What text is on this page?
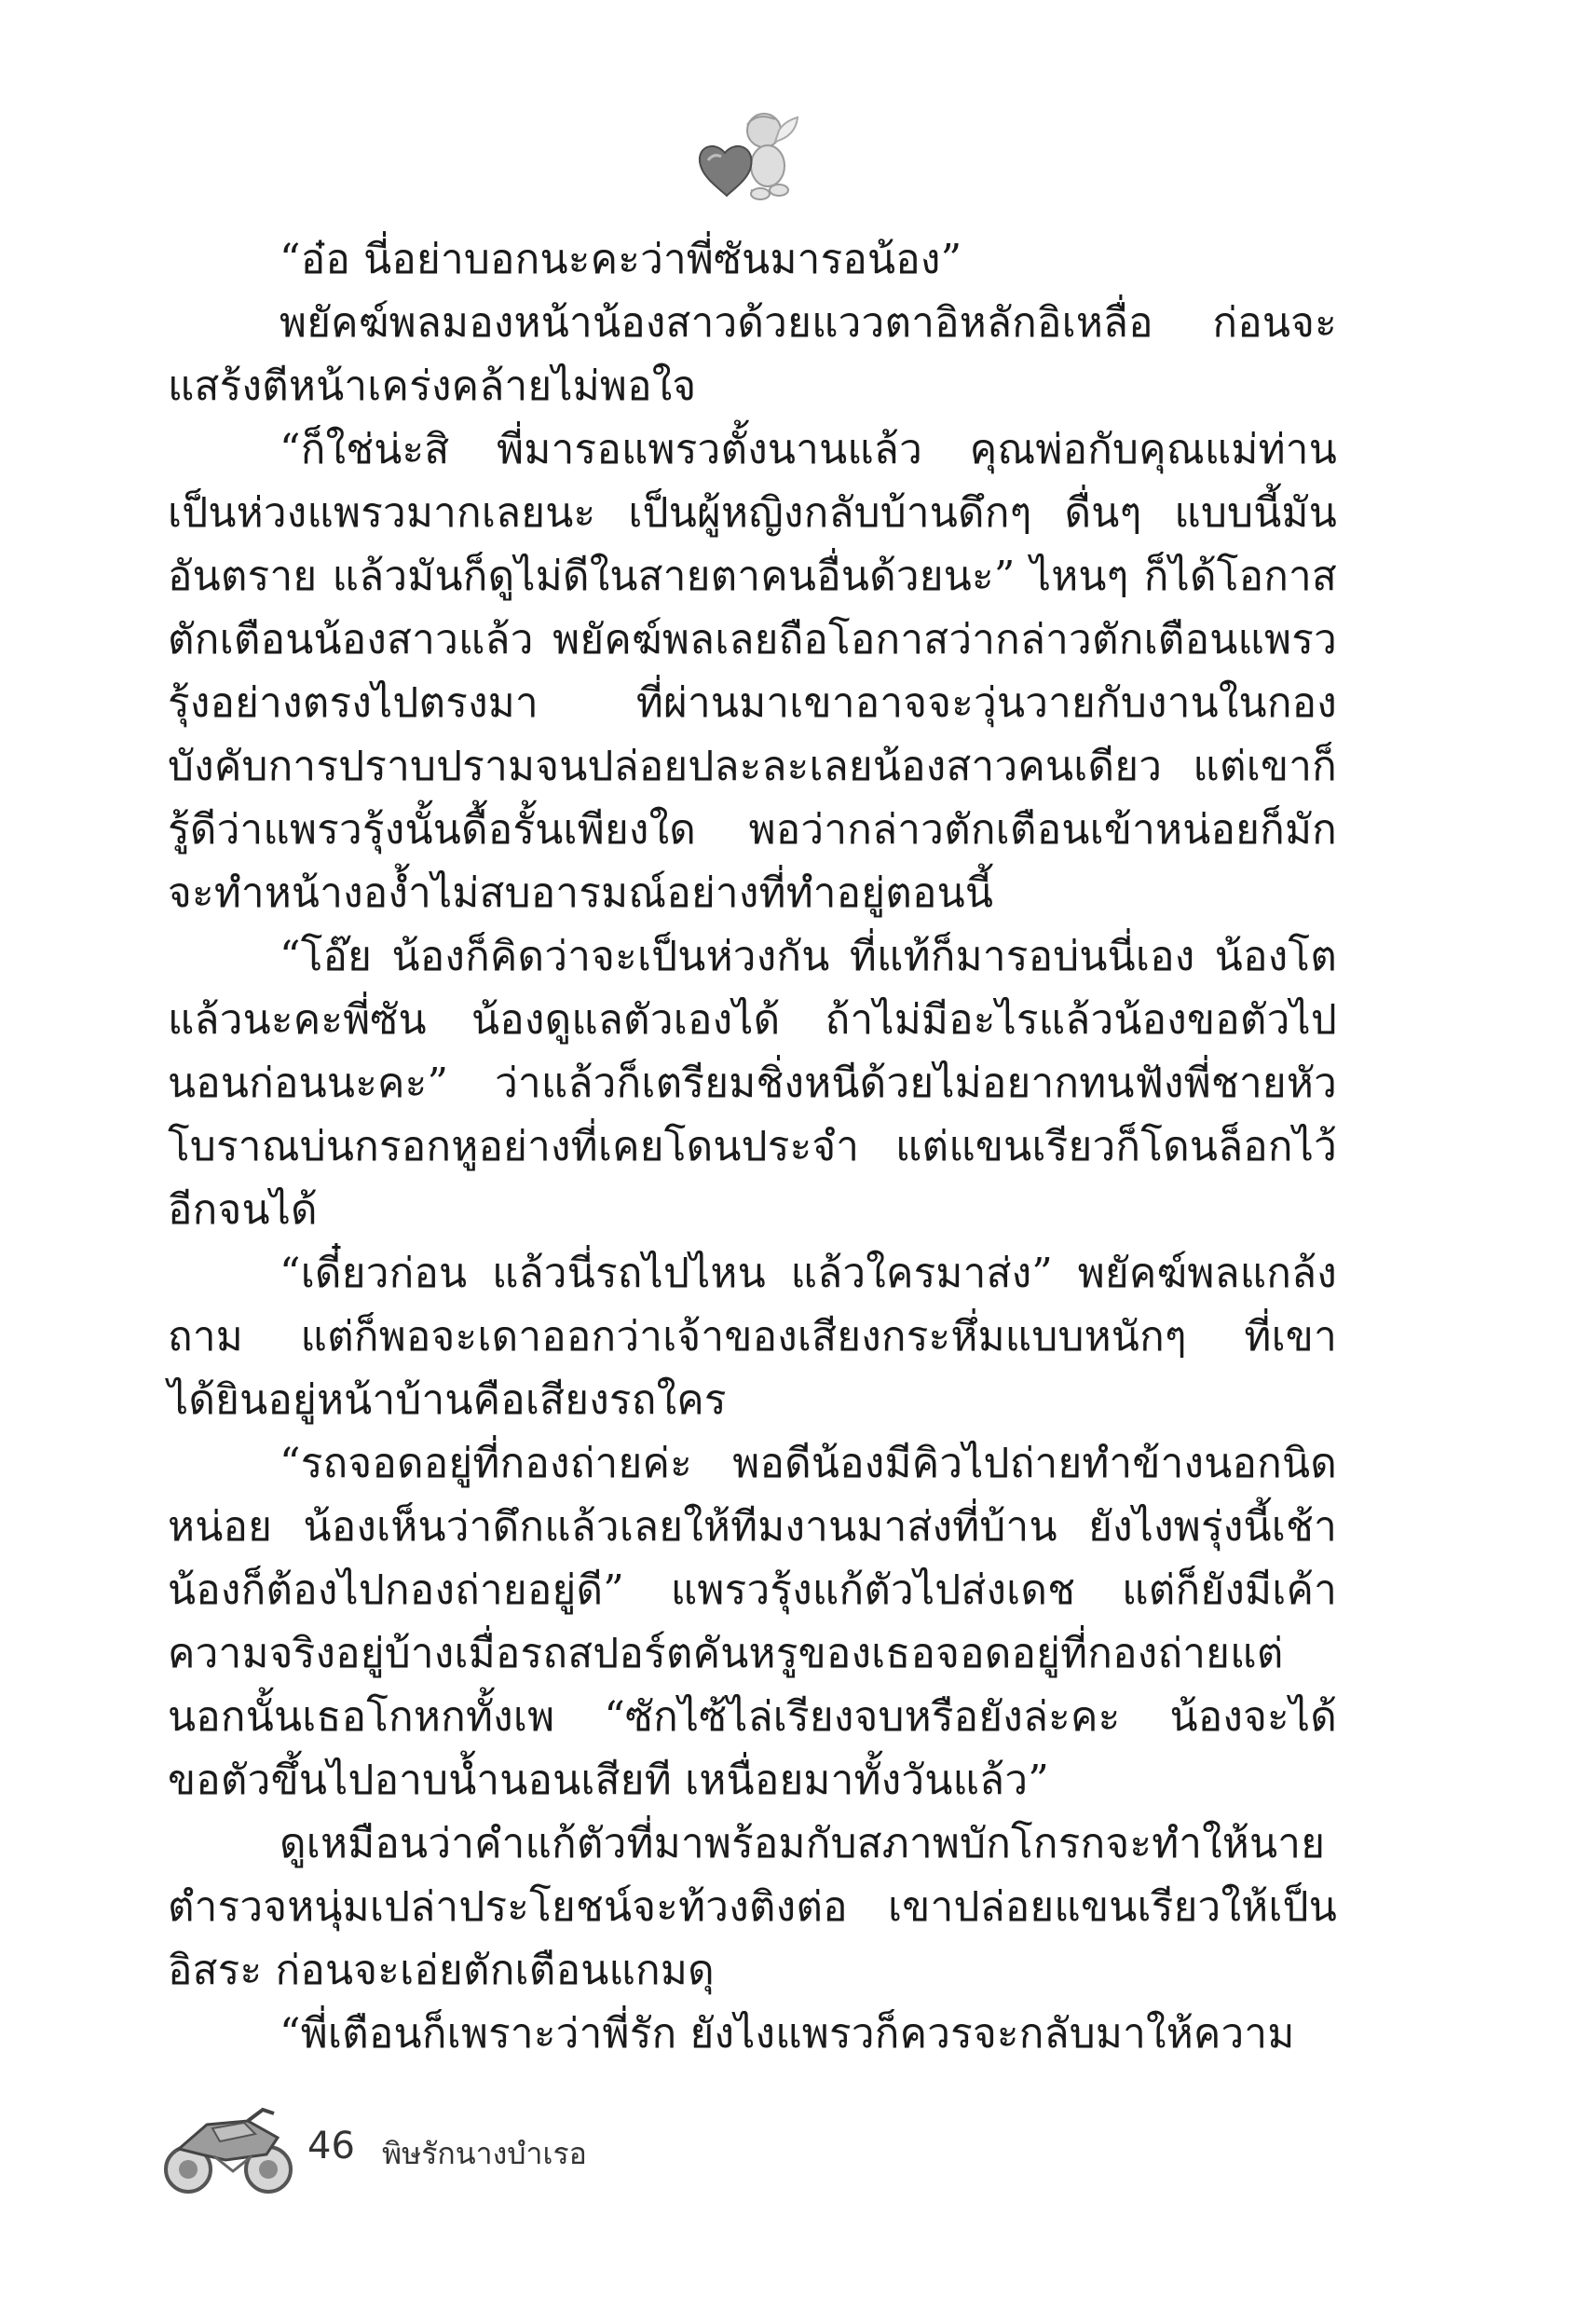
“อ๋อ นี่อย่าบอกนะคะว่าพี่ซันมารอน้อง”

พยัคฆ์พลมองหน้าน้องสาวด้วยแววตาอิหลักอิเหลื่อ ก่อนจะแสร้งตีหน้าเคร่งคล้ายไม่พอใจ

“ก็ใช่น่ะสิ พี่มารอแพรวตั้งนานแล้ว คุณพ่อกับคุณแม่ท่านเป็นห่วงแพรวมากเลยนะ เป็นผู้หญิงกลับบ้านดึกๆ ดื่นๆ แบบนี้มันอันตราย แล้วมันก็ดูไม่ดีในสายตาคนอื่นด้วยนะ” ไหนๆ ก็ได้โอกาสตักเตือนน้องสาวแล้ว พยัคฆ์พลเลยถือโอกาสว่ากล่าวตักเตือนแพรวรุ้งอย่างตรงไปตรงมา ที่ผ่านมาเขาอาจจะวุ่นวายกับงานในกองบังคับการปราบปรามจนปล่อยปละละเลยน้องสาวคนเดียว แต่เขาก็รู้ดีว่าแพรวรุ้งนั้นดื้อรั้นเพียงใด พอว่ากล่าวตักเตือนเข้าหน่อยก็มักจะทำหน้างองํ้าไม่สบอารมณ์อย่างที่ทำอยู่ตอนนี้

“โอ๊ย น้องก็คิดว่าจะเป็นห่วงกัน ที่แท้ก็มารอบ่นนี่เอง น้องโตแล้วนะคะพี่ซัน น้องดูแลตัวเองได้ ถ้าไม่มีอะไรแล้วน้องขอตัวไปนอนก่อนนะคะ” ว่าแล้วก็เตรียมชิ่งหนีด้วยไม่อยากทนฟังพี่ชายหัวโบราณบ่นกรอกหูอย่างที่เคยโดนประจำ แต่แขนเรียวก็โดนล็อกไว้อีกจนได้

“เดี๋ยวก่อน แล้วนี่รถไปไหน แล้วใครมาส่ง” พยัคฆ์พลแกล้งถาม แต่ก็พอจะเดาออกว่าเจ้าของเสียงกระหึ่มแบบหนักๆ ที่เขาได้ยินอยู่หน้าบ้านคือเสียงรถใคร

“รถจอดอยู่ที่กองถ่ายค่ะ พอดีน้องมีคิวไปถ่ายทำข้างนอกนิดหน่อย น้องเห็นว่าดึกแล้วเลยให้ทีมงานมาส่งที่บ้าน ยังไงพรุ่งนี้เช้าน้องก็ต้องไปกองถ่ายอยู่ดี” แพรวรุ้งแก้ตัวไปส่งเดช แต่ก็ยังมีเค้าความจริงอยู่บ้างเมื่อรถสปอร์ตคันหรูของเธอจอดอยู่ที่กองถ่ายแต่นอกนั้นเธอโกหกทั้งเพ “ซักไซ้ไล่เรียงจบหรือยังล่ะคะ น้องจะได้ขอตัวขึ้นไปอาบน้ำนอนเสียที เหนื่อยมาทั้งวันแล้ว”

ดูเหมือนว่าคำแก้ตัวที่มาพร้อมกับสภาพบักโกรกจะทำให้นายตำรวจหนุ่มเปล่าประโยชน์จะท้วงติงต่อ เขาปล่อยแขนเรียวให้เป็นอิสระ ก่อนจะเอ่ยตักเตือนแกมดุ

“พี่เตือนก็เพราะว่าพี่รัก ยังไงแพรวก็ควรจะกลับมาให้ความ

46 พิษรักนางบำเรอ
